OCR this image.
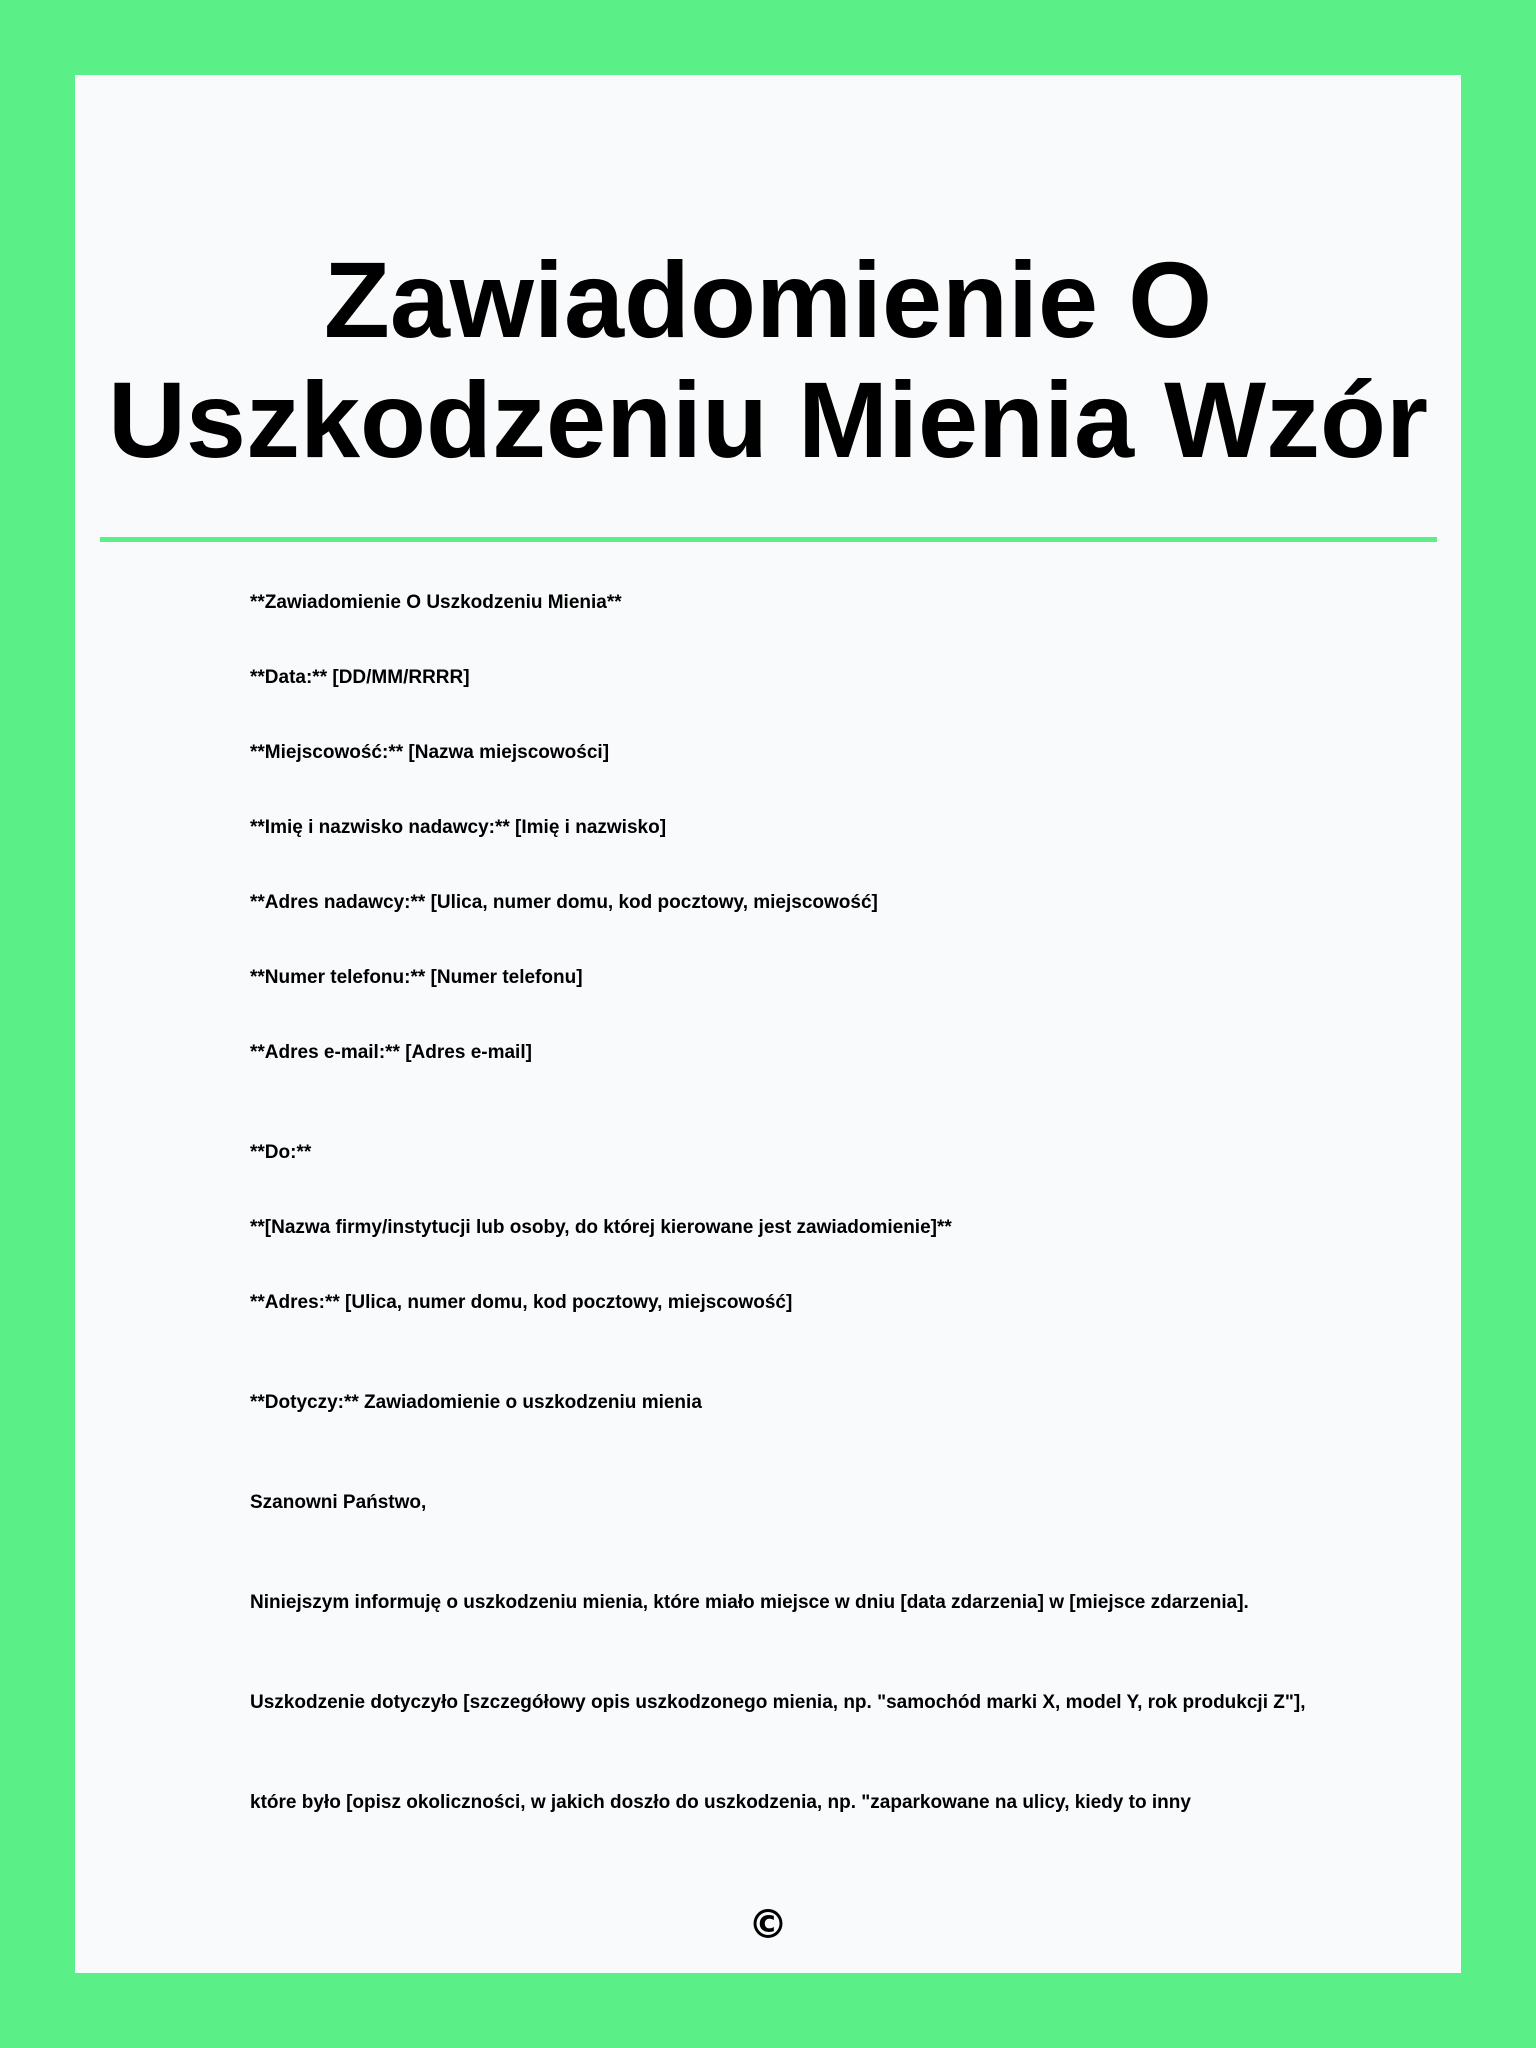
Zawiadomienie O Uszkodzeniu Mienia Wzór

**Zawiadomienie O Uszkodzeniu Mienia**

**Data:** [DD/MM/RRRR]

**Miejscowość:** [Nazwa miejscowości]

**Imię i nazwisko nadawcy:** [Imię i nazwisko]

**Adres nadawcy:** [Ulica, numer domu, kod pocztowy, miejscowość]

**Numer telefonu:** [Numer telefonu]

**Adres e-mail:** [Adres e-mail]

**Do:**

**[Nazwa firmy/instytucji lub osoby, do której kierowane jest zawiadomienie]**

**Adres:** [Ulica, numer domu, kod pocztowy, miejscowość]

**Dotyczy:** Zawiadomienie o uszkodzeniu mienia

Szanowni Państwo,

Niniejszym informuję o uszkodzeniu mienia, które miało miejsce w dniu [data zdarzenia] w [miejsce zdarzenia].

Uszkodzenie dotyczyło [szczegółowy opis uszkodzonego mienia, np. "samochód marki X, model Y, rok produkcji Z"],

które było [opisz okoliczności, w jakich doszło do uszkodzenia, np. "zaparkowane na ulicy, kiedy to inny

©
